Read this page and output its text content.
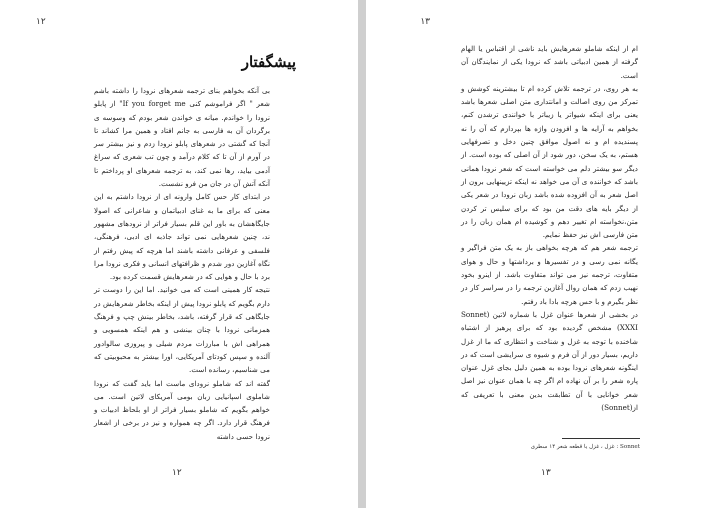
۱۲
پیشگفتار

بی آنکه بخواهم بنای ترجمه شعرهای نرودا را داشته باشم شعر " اگر فراموشم کنی If you forget me" از پابلو نرودا را خواندم. میانه ی خواندن شعر بودم که وسوسه ی برگردان آن به فارسی به جانم افتاد و همین مرا کشاند تا آنجا که گشتی در شعرهای پابلو نرودا زدم و نیز بیشتر سر در آورم از آن تا که کلام درآمد و چون تب شعری که سراغ آدمی بیاید، رها نمی کند، به ترجمه شعرهای او پرداختم تا آنکه آتش آن در جان من فرو نشست.

در ابتدای کار حس کامل وارونه ای از نرودا داشتم به این معنی که برای ما به غنای ادبیاتمان و شاعرانی که اصولا جایگاهشان به باور این قلم بسیار فراتر از نرودهای مشهور ند، چنین شعرهایی نمی تواند جاذبه ای ادبی، فرهنگی، فلسفی و عرفانی داشته باشند اما هرچه که پیش رفتم از نگاه آغازین دور شدم و ظرافتهای انسانی و فکری نرودا مرا برد با حال و هوایی که در شعرهایش قسمت کرده بود.

نتیجه کار همینی است که می خوانید. اما این را دوست تر دارم بگویم که پابلو نرودا پیش از اینکه بخاطر شعرهایش در جایگاهی که قرار گرفته، باشد، بخاطر بینش چپ و فرهنگ همزمانی نرودا با چنان بینشی و هم اینکه همسویی و همراهی اش با مبارزات مردم شیلی و پیروزی سالوادور آلنده و سپس کودتای آمریکایی، اورا بیشتر به محبوبیتی که می شناسیم، رسانده است.

گفته اند که شاملو نرودای ماست اما باید گفت که نرودا شاملوی اسپانیایی زبان بومی آمریکای لاتین است. می خواهم بگویم که شاملو بسیار فراتر از او بلحاظ ادبیات و فرهنگ قرار دارد. اگر چه همواره و نیز در برخی از اشعار نرودا حسی داشته

۱۲
۱۳

ام از اینکه شاملو شعرهایش باید ناشی از اقتباس یا الهام گرفته از همین ادبیاتی باشد که نرودا یکی از نمایندگان آن است.

به هر روی، در ترجمه تلاش کرده ام تا بیشترینه کوشش و تمرکز من روی اصالت و امانتداری متن اصلی شعرها باشد یعنی برای اینکه شیواتر یا زیباتر با خوانندی ترشدن کنم، بخواهم به آرایه ها و افزودن واژه ها بپردازم که آن را نه پسندیده ام و نه اصول موافق چنین دخل و تصرفهایی هستم، به یک سخن، دور شود از آن اصلی که بوده است. از دیگر سو بیشتر دلم می خواسته است که شعر نرودا همانی باشد که خواننده ی آن می خواهد نه اینکه تزیینهایی برون از اصل شعر به آن افزوده شده باشد زبان نرودا در شعر یکی از دیگر بایه های دقت من بود که برای سلیس تر کردن متن،نخواسته ام تغییر دهم و کوشیده ام همان زبان را در متن فارسی اش نیز حفظ نمایم.

ترجمه شعر هم که هرچه بخواهی باز به یک متن فراگیر و یگانه نمی رسی و در تفسیرها و برداشتها و حال و هوای متفاوت، ترجمه نیز می تواند متفاوت باشد. از اینرو بخود نهیب زدم که همان روال آغازین ترجمه را در سراسر کار در نظر بگیرم و با حس هرچه بادا باد رفتم.

در بخشی از شعرها عنوان غزل با شماره لاتین (Sonnet XXXI) مشخص گردیده بود که برای پرهیز از اشتباه شاخنده با توجه به غزل و شناخت و انتظاری که ما از غزل داریم، بسیار دور از آن فرم و شیوه ی سرایشی است که در اینگونه شعرهای نرودا بوده به همین دلیل بجای غزل عنوان پاره شعر را بر آن نهاده ام اگر چه با همان عنوان نیز اصل شعر خوانایی با آن تطابقت بدین معنی با تعریفی که از(Sonnet)

Sonnet : غزل ، غزل یا قطعه شعر ۱۴ سطری
۱۳
